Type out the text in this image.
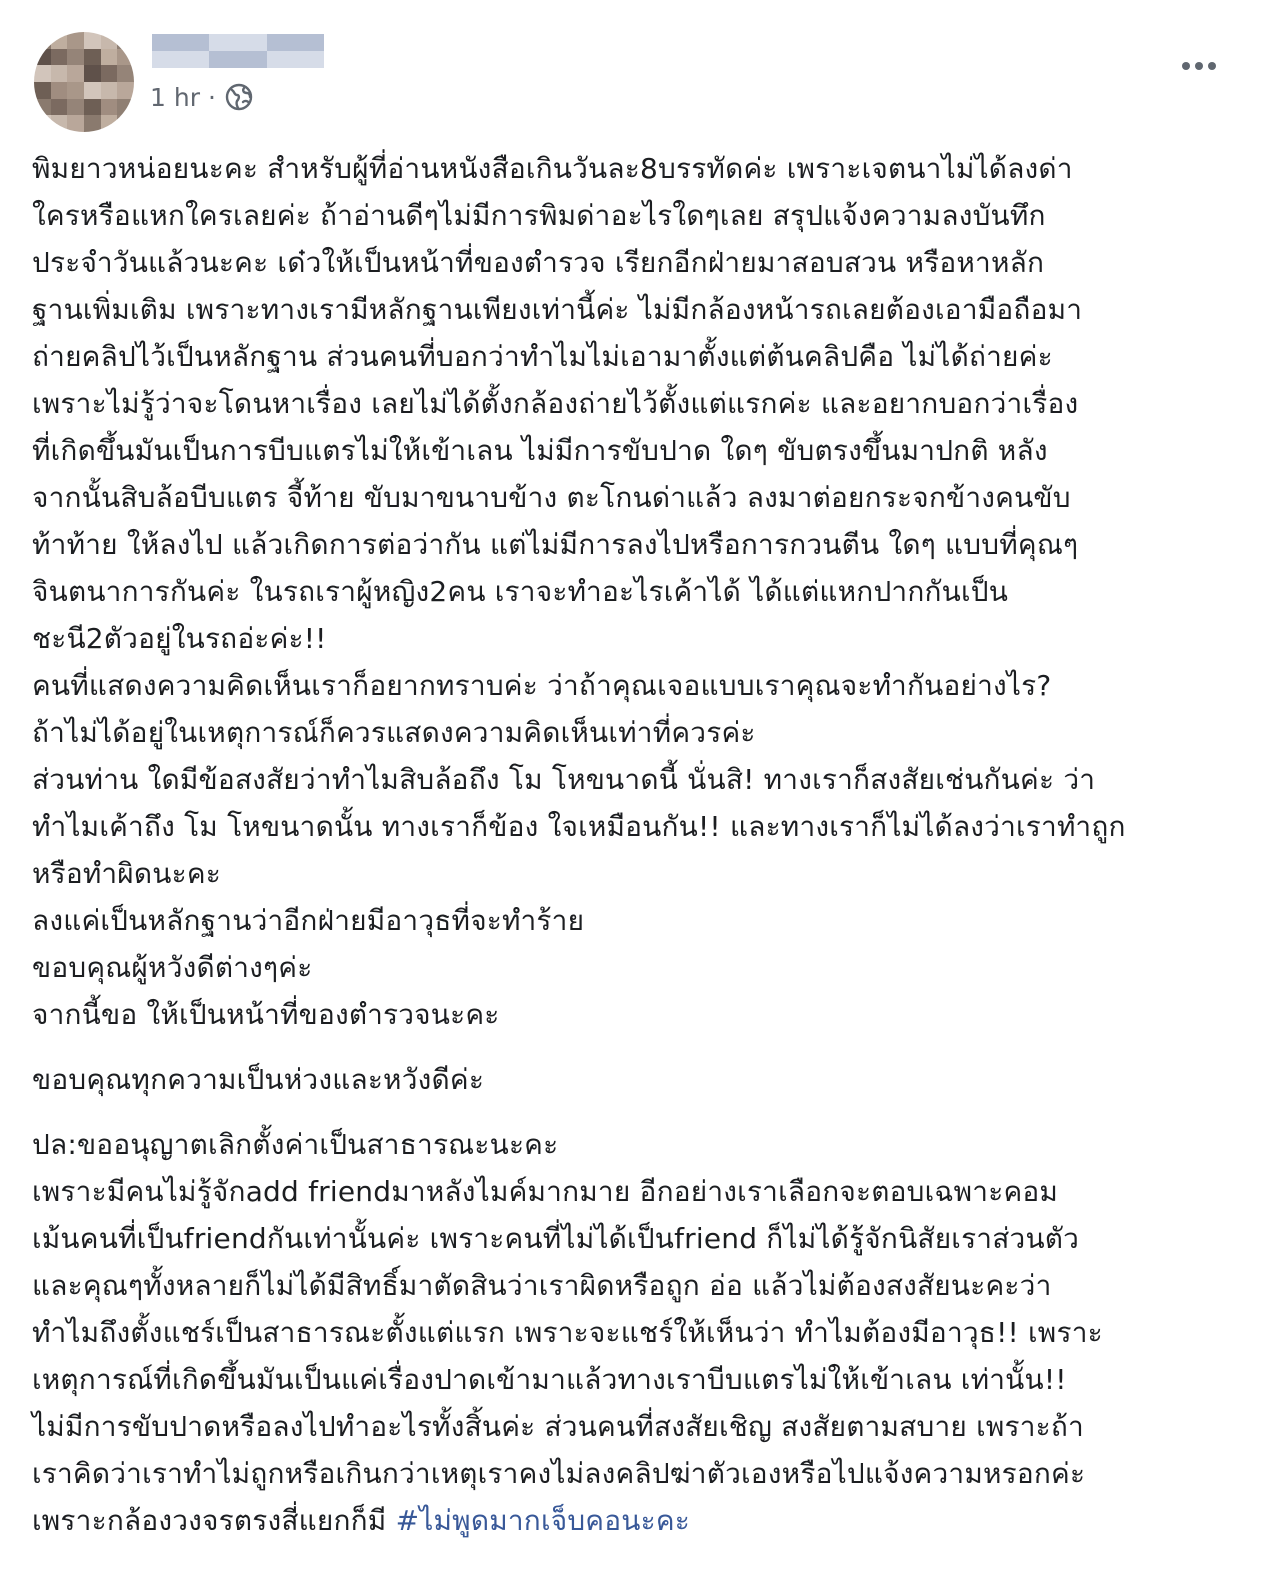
1 hr ·
พิมยาวหน่อยนะคะ สำหรับผู้ที่อ่านหนังสือเกินวันละ8บรรทัดค่ะ เพราะเจตนาไม่ได้ลงด่า
ใครหรือแหกใครเลยค่ะ ถ้าอ่านดีๆไม่มีการพิมด่าอะไรใดๆเลย สรุปแจ้งความลงบันทึก
ประจำวันแล้วนะคะ เด๋วให้เป็นหน้าที่ของตำรวจ เรียกอีกฝ่ายมาสอบสวน หรือหาหลัก
ฐานเพิ่มเติม เพราะทางเรามีหลักฐานเพียงเท่านี้ค่ะ ไม่มีกล้องหน้ารถเลยต้องเอามือถือมา
ถ่ายคลิปไว้เป็นหลักฐาน ส่วนคนที่บอกว่าทำไมไม่เอามาตั้งแต่ต้นคลิปคือ ไม่ได้ถ่ายค่ะ
เพราะไม่รู้ว่าจะโดนหาเรื่อง เลยไม่ได้ตั้งกล้องถ่ายไว้ตั้งแต่แรกค่ะ และอยากบอกว่าเรื่อง
ที่เกิดขึ้นมันเป็นการบีบแตรไม่ให้เข้าเลน ไม่มีการขับปาด ใดๆ ขับตรงขึ้นมาปกติ หลัง
จากนั้นสิบล้อบีบแตร จี้ท้าย ขับมาขนาบข้าง ตะโกนด่าแล้ว ลงมาต่อยกระจกข้างคนขับ
ท้าท้าย ให้ลงไป แล้วเกิดการต่อว่ากัน แต่ไม่มีการลงไปหรือการกวนตีน ใดๆ แบบที่คุณๆ
จินตนาการกันค่ะ ในรถเราผู้หญิง2คน เราจะทำอะไรเค้าได้ ได้แต่แหกปากกันเป็น
ชะนี2ตัวอยู่ในรถอ่ะค่ะ!!
คนที่แสดงความคิดเห็นเราก็อยากทราบค่ะ ว่าถ้าคุณเจอแบบเราคุณจะทำกันอย่างไร?
ถ้าไม่ได้อยู่ในเหตุการณ์ก็ควรแสดงความคิดเห็นเท่าที่ควรค่ะ
ส่วนท่าน ใดมีข้อสงสัยว่าทำไมสิบล้อถึง โม โหขนาดนี้ นั่นสิ! ทางเราก็สงสัยเช่นกันค่ะ ว่า
ทำไมเค้าถึง โม โหขนาดนั้น ทางเราก็ข้อง ใจเหมือนกัน!! และทางเราก็ไม่ได้ลงว่าเราทำถูก
หรือทำผิดนะคะ
ลงแค่เป็นหลักฐานว่าอีกฝ่ายมีอาวุธที่จะทำร้าย
ขอบคุณผู้หวังดีต่างๆค่ะ
จากนี้ขอ ให้เป็นหน้าที่ของตำรวจนะคะ
ขอบคุณทุกความเป็นห่วงและหวังดีค่ะ
ปล:ขออนุญาตเลิกตั้งค่าเป็นสาธารณะนะคะ
เพราะมีคนไม่รู้จักadd friendมาหลังไมค์มากมาย อีกอย่างเราเลือกจะตอบเฉพาะคอม
เม้นคนที่เป็นfriendกันเท่านั้นค่ะ เพราะคนที่ไม่ได้เป็นfriend ก็ไม่ได้รู้จักนิสัยเราส่วนตัว
และคุณๆทั้งหลายก็ไม่ได้มีสิทธิ์มาตัดสินว่าเราผิดหรือถูก อ่อ แล้วไม่ต้องสงสัยนะคะว่า
ทำไมถึงตั้งแชร์เป็นสาธารณะตั้งแต่แรก เพราะจะแชร์ให้เห็นว่า ทำไมต้องมีอาวุธ!! เพราะ
เหตุการณ์ที่เกิดขึ้นมันเป็นแค่เรื่องปาดเข้ามาแล้วทางเราบีบแตรไม่ให้เข้าเลน เท่านั้น!!
ไม่มีการขับปาดหรือลงไปทำอะไรทั้งสิ้นค่ะ ส่วนคนที่สงสัยเชิญ สงสัยตามสบาย เพราะถ้า
เราคิดว่าเราทำไม่ถูกหรือเกินกว่าเหตุเราคงไม่ลงคลิปฆ่าตัวเองหรือไปแจ้งความหรอกค่ะ
เพราะกล้องวงจรตรงสี่แยกก็มี #ไม่พูดมากเจ็บคอนะคะ
